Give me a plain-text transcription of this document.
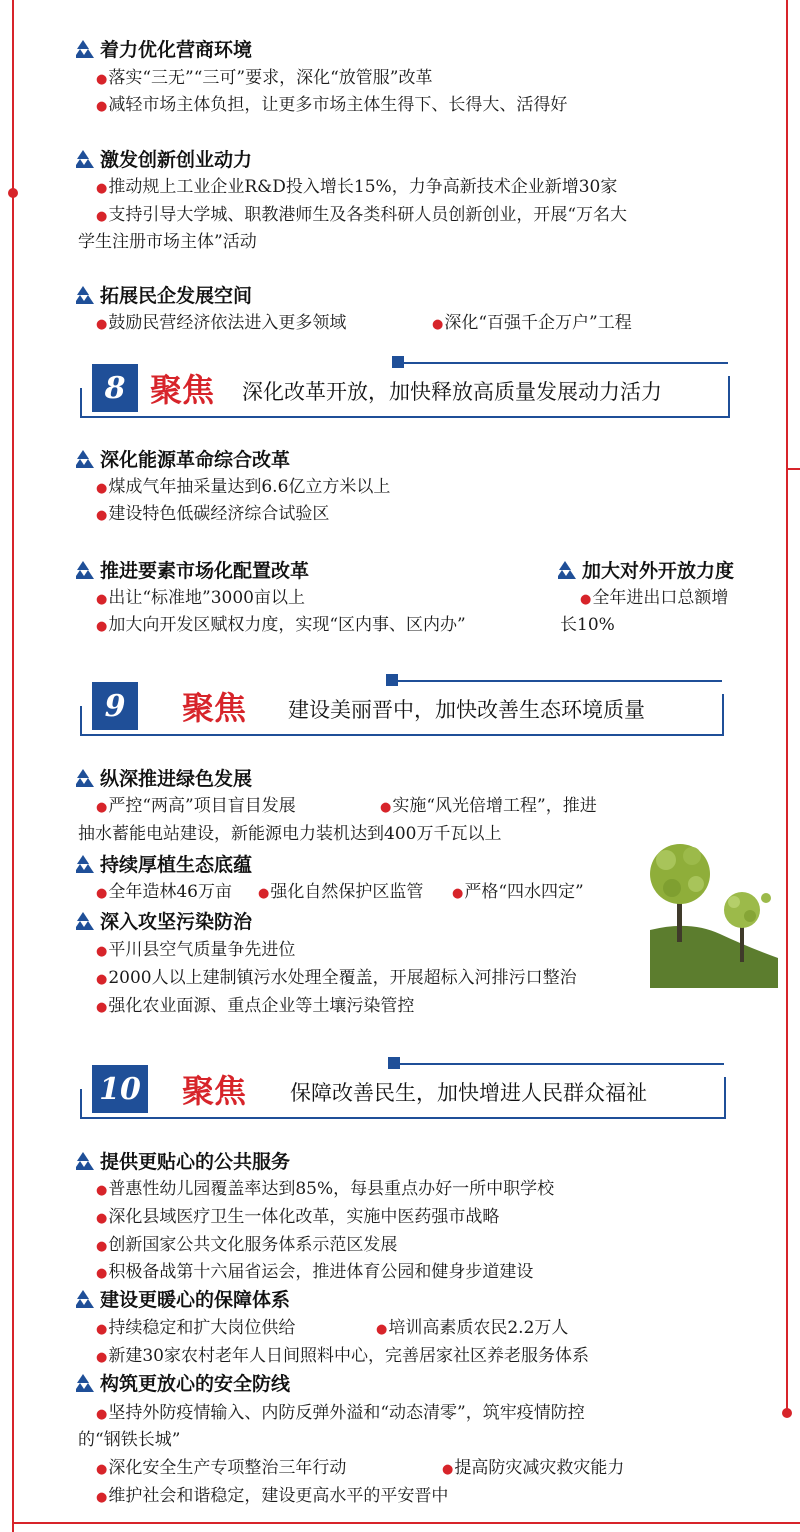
着力优化营商环境
●落实“三无”“三可”要求，深化“放管服”改革
●减轻市场主体负担，让更多市场主体生得下、长得大、活得好
激发创新创业动力
●推动规上工业企业R&D投入增长15%，力争高新技术企业新增30家
●支持引导大学城、职教港师生及各类科研人员创新创业，开展“万名大
学生注册市场主体”活动
拓展民企发展空间
●鼓励民营经济依法进入更多领域	●深化“百强千企万户”工程
8 聚焦 深化改革开放，加快释放高质量发展动力活力
深化能源革命综合改革
●煤成气年抽采量达到6.6亿立方米以上
●建设特色低碳经济综合试验区
推进要素市场化配置改革
●出让“标准地”3000亩以上
●加大向开发区赋权力度，实现“区内事、区内办”
加大对外开放力度
●全年进出口总额增
长10%
9	聚焦 建设美丽晋中，加快改善生态环境质量
纵深推进绿色发展
●严控“两高”项目盲目发展	●实施“风光倍增工程”，推进
抽水蓄能电站建设，新能源电力装机达到400万千瓦以上
持续厚植生态底蕴
●全年造林46万亩 ●强化自然保护区监管 ●严格“四水四定”
深入攻坚污染防治
●平川县空气质量争先进位
●2000人以上建制镇污水处理全覆盖，开展超标入河排污口整治
●强化农业面源、重点企业等土壤污染管控
10 聚焦 保障改善民生，加快增进人民群众福祉
提供更贴心的公共服务
●普惠性幼儿园覆盖率达到85%，每县重点办好一所中职学校
●深化县域医疗卫生一体化改革，实施中医药强市战略
●创新国家公共文化服务体系示范区发展
●积极备战第十六届省运会，推进体育公园和健身步道建设
建设更暖心的保障体系
●持续稳定和扩大岗位供给	●培训高素质农民2.2万人
●新建30家农村老年人日间照料中心，完善居家社区养老服务体系
构筑更放心的安全防线
●坚持外防疫情输入、内防反弹外溢和“动态清零”，筑牢疫情防控
的“钢铁长城”
●深化安全生产专项整治三年行动	●提高防灾减灾救灾能力
●维护社会和谐稳定，建设更高水平的平安晋中
